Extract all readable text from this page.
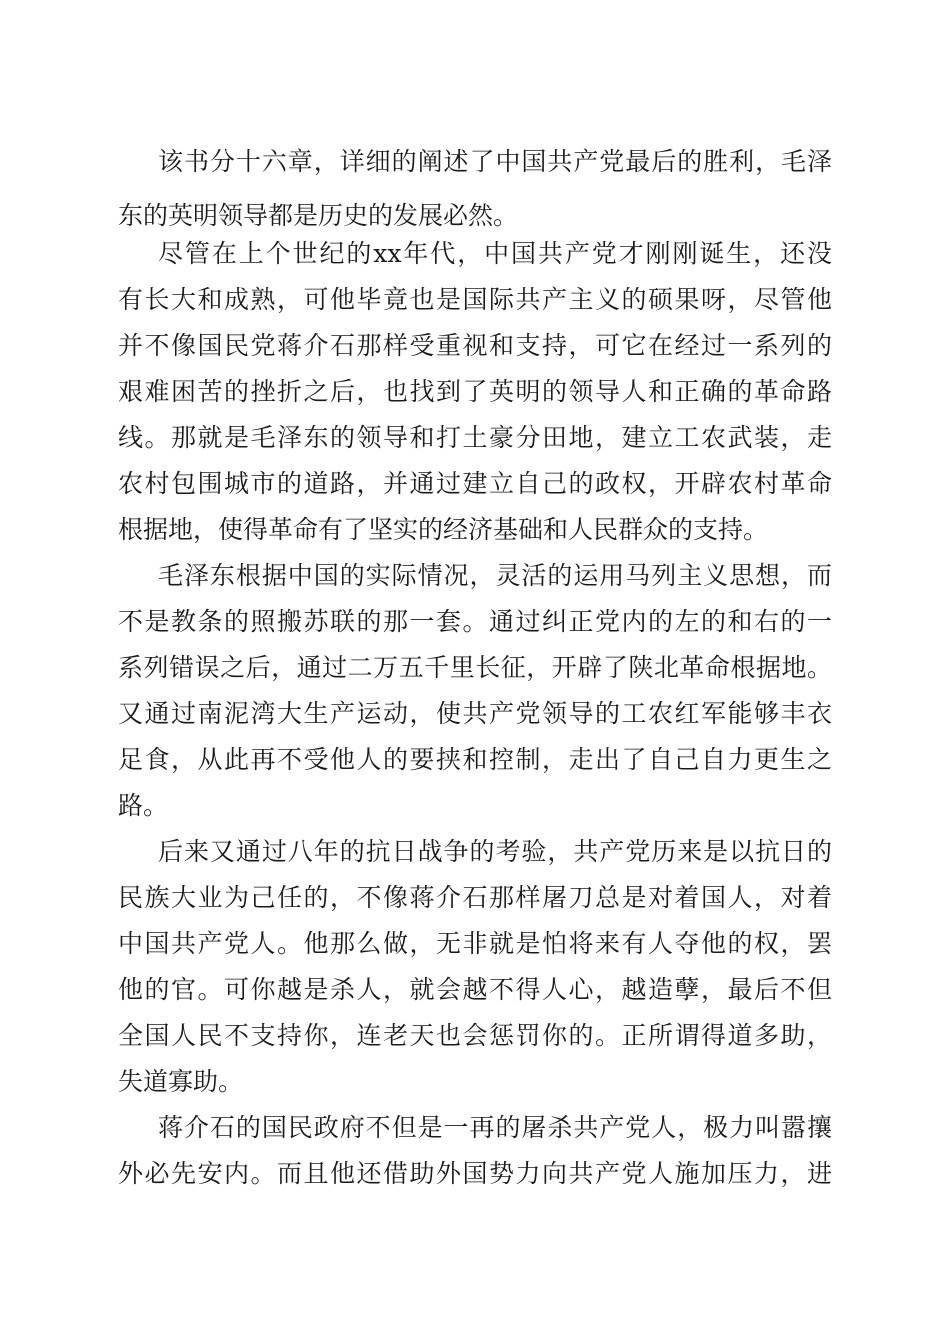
该书分十六章，详细的阐述了中国共产党最后的胜利，毛泽
东的英明领导都是历史的发展必然。
尽管在上个世纪的xx年代，中国共产党才刚刚诞生，还没
有长大和成熟，可他毕竟也是国际共产主义的硕果呀，尽管他
并不像国民党蒋介石那样受重视和支持，可它在经过一系列的
艰难困苦的挫折之后，也找到了英明的领导人和正确的革命路
线。那就是毛泽东的领导和打土豪分田地，建立工农武装，走
农村包围城市的道路，并通过建立自己的政权，开辟农村革命
根据地，使得革命有了坚实的经济基础和人民群众的支持。
毛泽东根据中国的实际情况，灵活的运用马列主义思想，而
不是教条的照搬苏联的那一套。通过纠正党内的左的和右的一
系列错误之后，通过二万五千里长征，开辟了陕北革命根据地。
又通过南泥湾大生产运动，使共产党领导的工农红军能够丰衣
足食，从此再不受他人的要挟和控制，走出了自己自力更生之
路。
后来又通过八年的抗日战争的考验，共产党历来是以抗日的
民族大业为己任的，不像蒋介石那样屠刀总是对着国人，对着
中国共产党人。他那么做，无非就是怕将来有人夺他的权，罢
他的官。可你越是杀人，就会越不得人心，越造孽，最后不但
全国人民不支持你，连老天也会惩罚你的。正所谓得道多助，
失道寡助。
蒋介石的国民政府不但是一再的屠杀共产党人，极力叫嚣攘
外必先安内。而且他还借助外国势力向共产党人施加压力，进
